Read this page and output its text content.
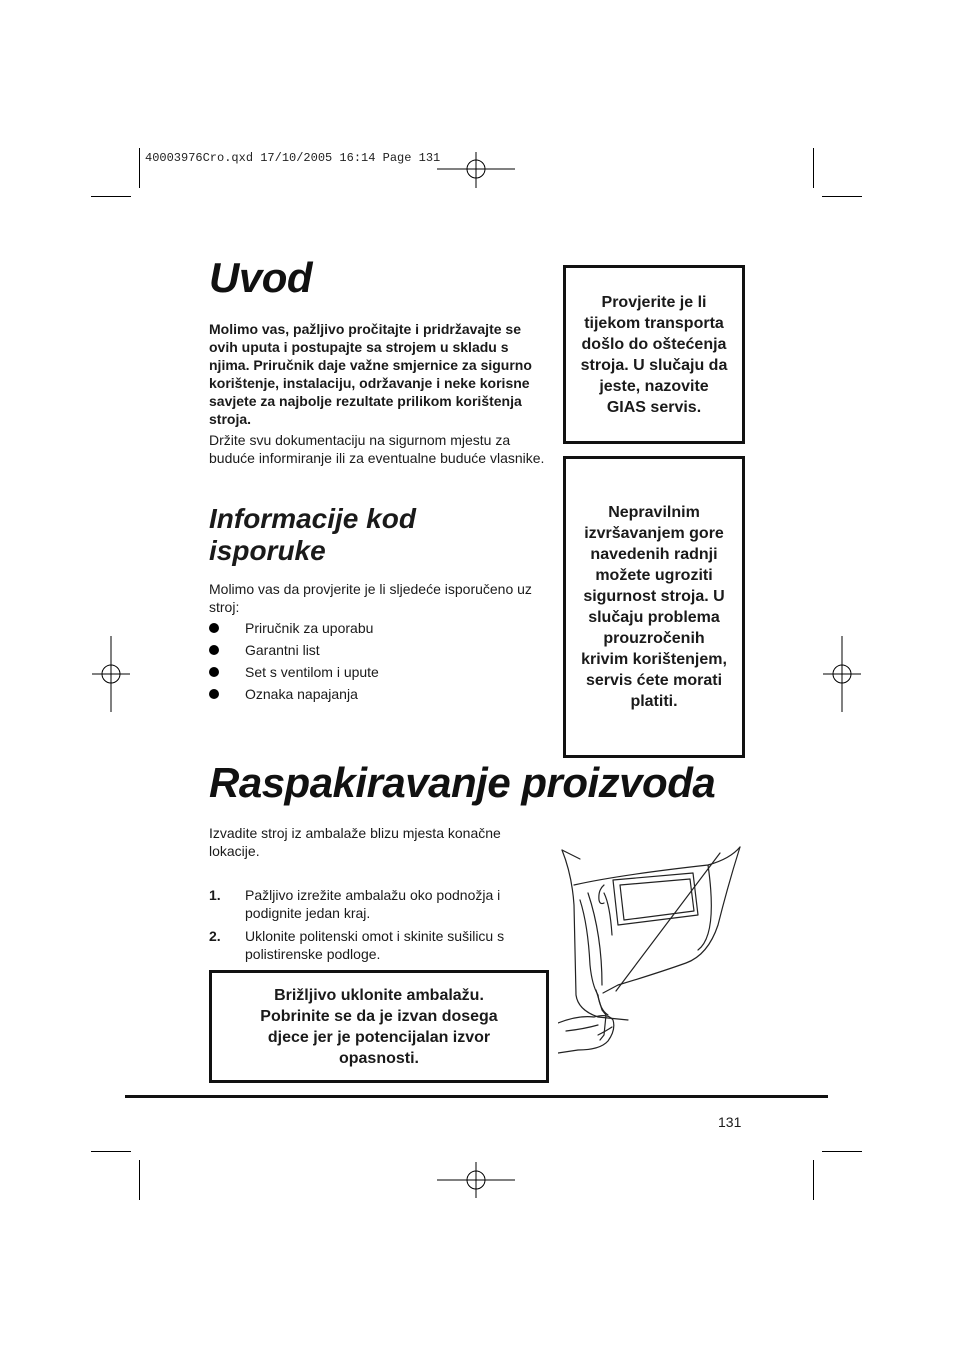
40003976Cro.qxd 17/10/2005 16:14 Page 131
Uvod

Molimo vas, pažljivo pročitajte i pridržavajte se ovih uputa i postupajte sa strojem u skladu s njima. Priručnik daje važne smjernice za sigurno korištenje, instalaciju, održavanje i neke korisne savjete za najbolje rezultate prilikom korištenja stroja.

Držite svu dokumentaciju na sigurnom mjestu za buduće informiranje ili za eventualne buduće vlasnike.

Informacije kod isporuke

Molimo vas da provjerite je li sljedeće isporučeno uz stroj:

Priručnik za uporabu
Garantni list
Set s ventilom i upute
Oznaka napajanja
Provjerite je li tijekom transporta došlo do oštećenja stroja. U slučaju da jeste, nazovite GIAS servis.
Nepravilnim izvršavanjem gore navedenih radnji možete ugroziti sigurnost stroja. U slučaju problema prouzročenih krivim korištenjem, servis ćete morati platiti.
Raspakiravanje proizvoda

Izvadite stroj iz ambalaže blizu mjesta konačne lokacije.

1. Pažljivo izrežite ambalažu oko podnožja i podignite jedan kraj.
2. Uklonite politenski omot i skinite sušilicu s polistirenske podloge.
Brižljivo uklonite ambalažu. Pobrinite se da je izvan dosega djece jer je potencijalan izvor opasnosti.
131
